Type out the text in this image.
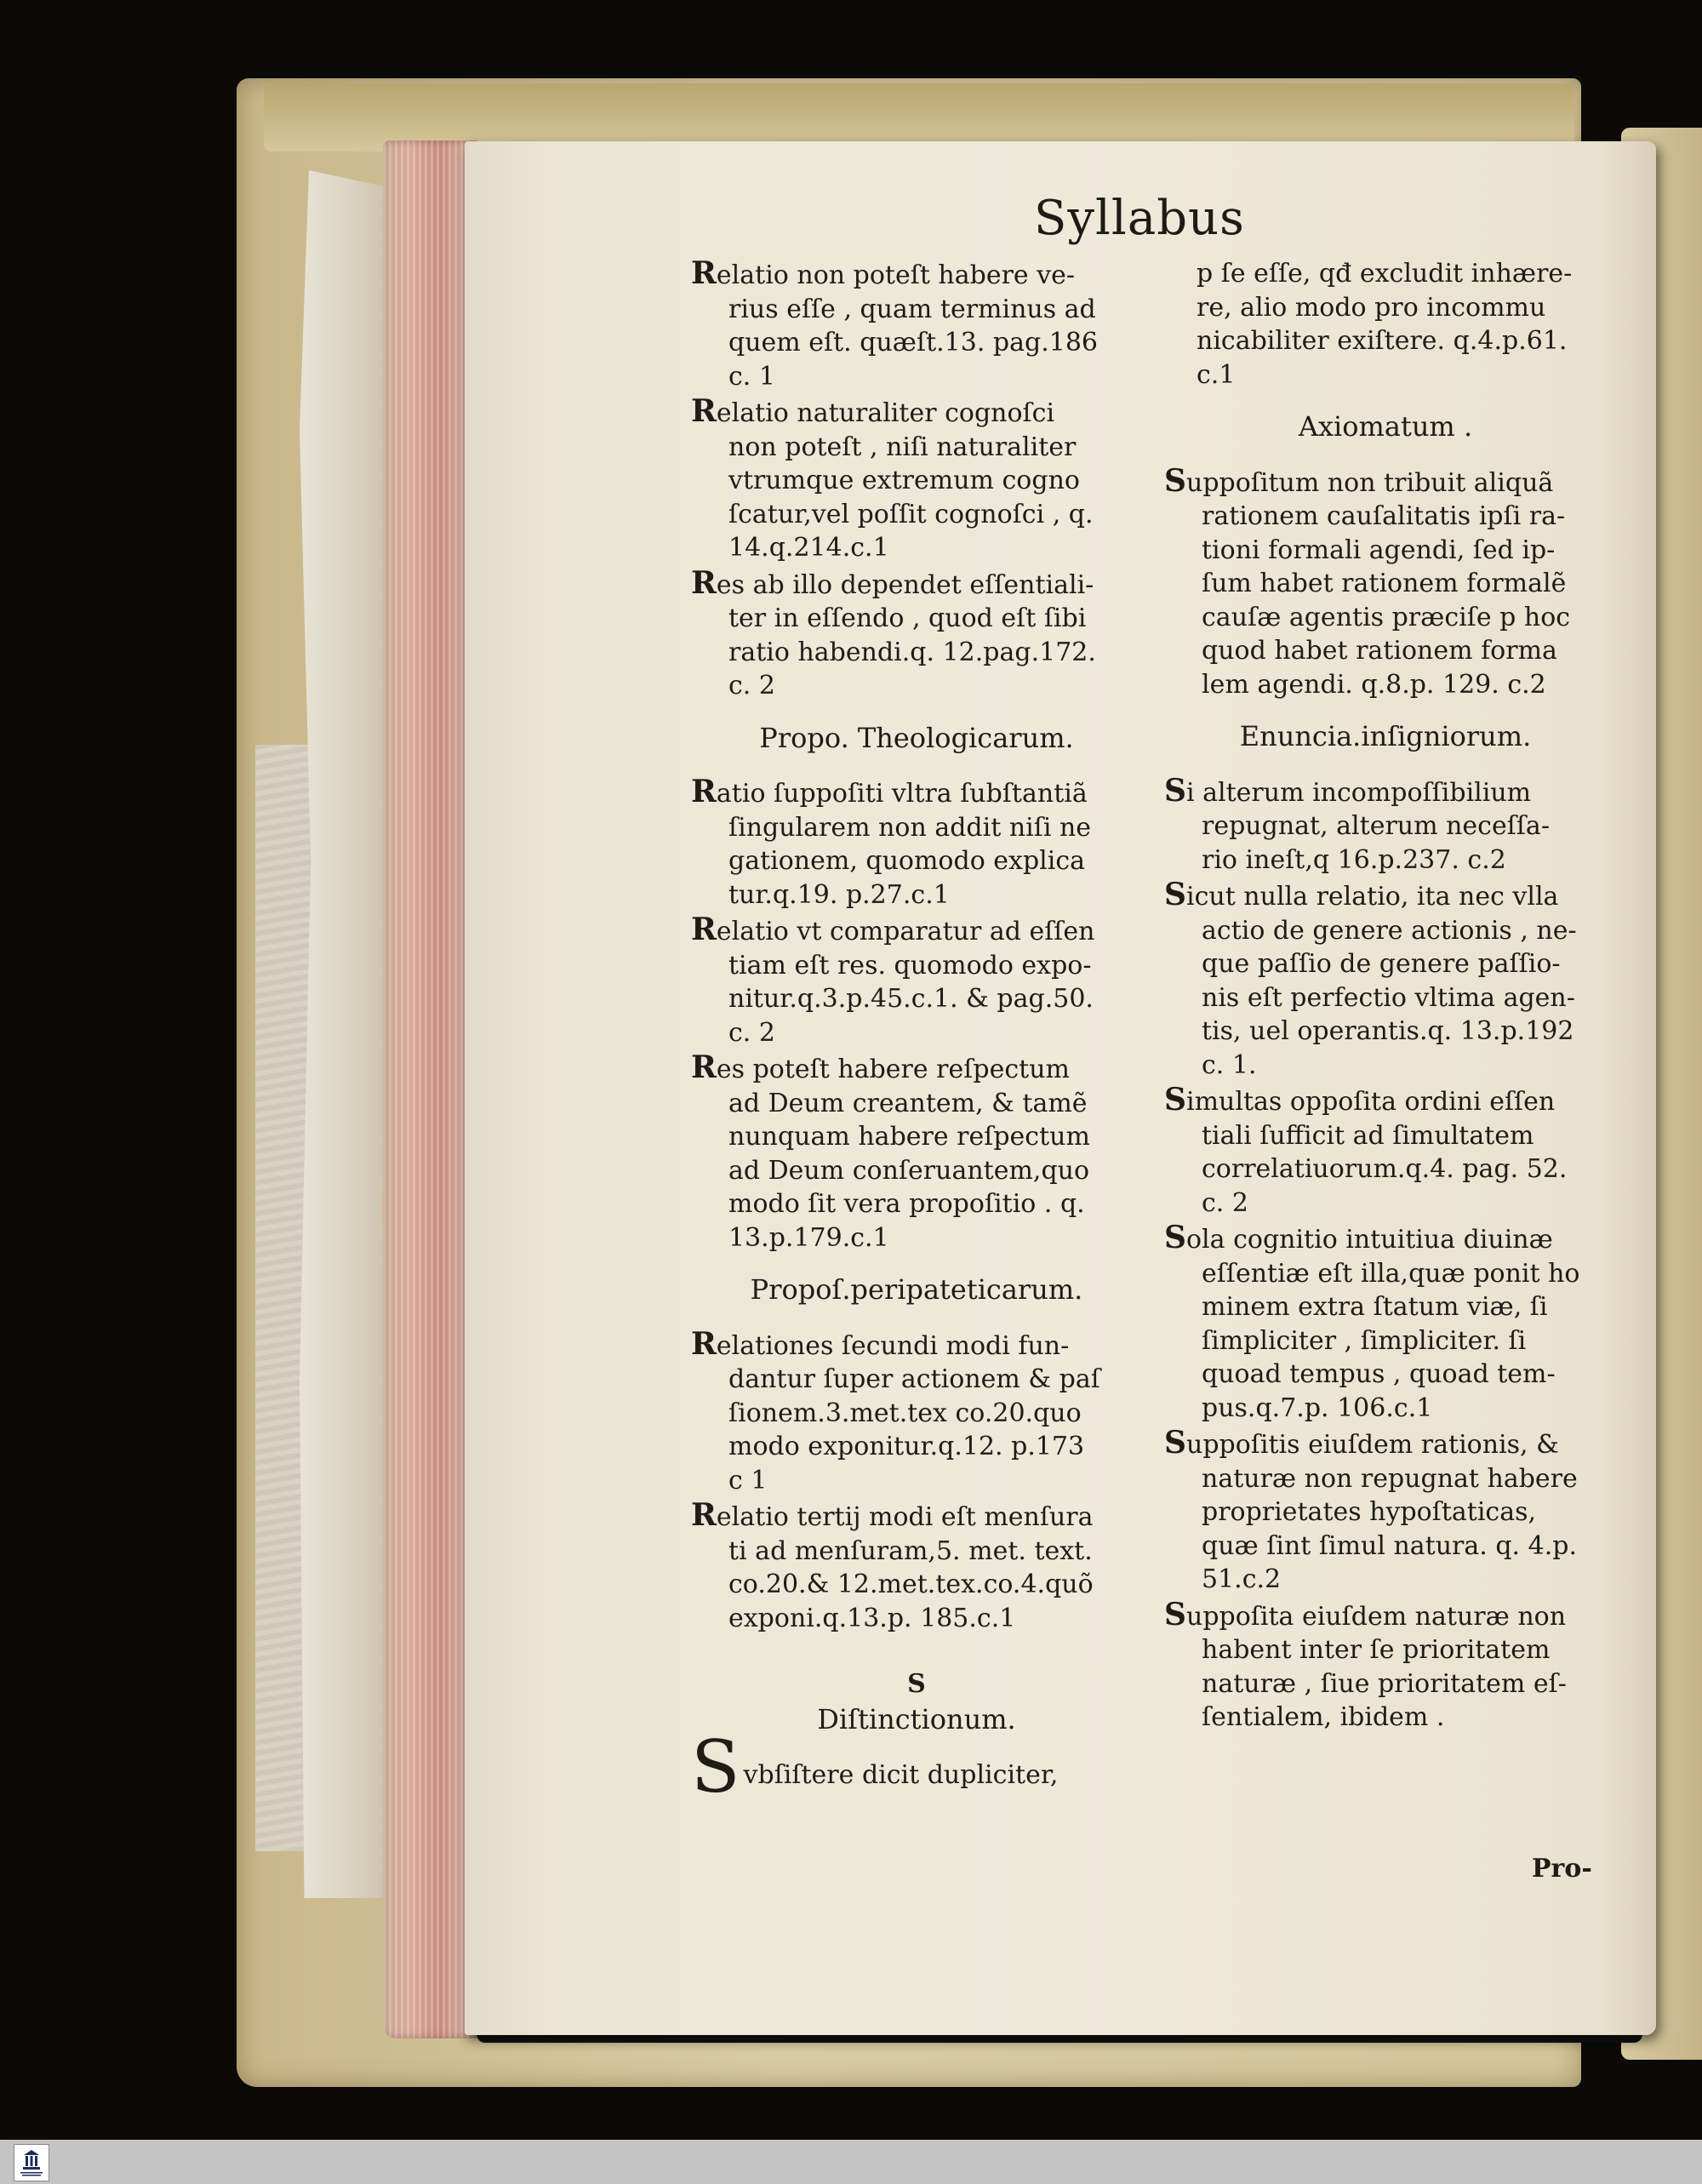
Syllabus
Relatio non poteſt habere ve-
rius eſſe , quam terminus ad
quem eſt. quæſt.13. pag.186
c. 1
Relatio naturaliter cognoſci
non poteſt , niſi naturaliter
vtrumque extremum cogno
ſcatur,vel poſſit cognoſci , q.
14.q.214.c.1
Res ab illo dependet eſſentiali-
ter in eſſendo , quod eſt ſibi
ratio habendi.q. 12.pag.172.
c. 2
Propo. Theologicarum.
Ratio ſuppoſiti vltra ſubſtantiã
ſingularem non addit niſi ne
gationem, quomodo explica
tur.q.19. p.27.c.1
Relatio vt comparatur ad eſſen
tiam eſt res. quomodo expo-
nitur.q.3.p.45.c.1. & pag.50.
c. 2
Res poteſt habere reſpectum
ad Deum creantem, & tamẽ
nunquam habere reſpectum
ad Deum conſeruantem,quo
modo ſit vera propoſitio . q.
13.p.179.c.1
Propoſ.peripateticarum.
Relationes ſecundi modi fun-
dantur ſuper actionem & paſ
ſionem.3.met.tex co.20.quo
modo exponitur.q.12. p.173
c 1
Relatio tertij modi eſt menſura
ti ad menſuram,5. met. text.
co.20.& 12.met.tex.co.4.quõ
exponi.q.13.p. 185.c.1
S
Diſtinctionum.
Svbſiſtere dicit dupliciter,
p ſe eſſe, qđ excludit inhære-
re, alio modo pro incommu
nicabiliter exiſtere. q.4.p.61.
c.1
Axiomatum .
Suppoſitum non tribuit aliquã
rationem cauſalitatis ipſi ra-
tioni formali agendi, ſed ip-
ſum habet rationem formalẽ
cauſæ agentis præciſe p hoc
quod habet rationem forma
lem agendi. q.8.p. 129. c.2
Enuncia.inſigniorum.
Si alterum incompoſſibilium
repugnat, alterum neceſſa-
rio ineſt,q 16.p.237. c.2
Sicut nulla relatio, ita nec vlla
actio de genere actionis , ne-
que paſſio de genere paſſio-
nis eſt perfectio vltima agen-
tis, uel operantis.q. 13.p.192
c. 1.
Simultas oppoſita ordini eſſen
tiali ſufficit ad ſimultatem
correlatiuorum.q.4. pag. 52.
c. 2
Sola cognitio intuitiua diuinæ
eſſentiæ eſt illa,quæ ponit ho
minem extra ſtatum viæ, ſi
ſimpliciter , ſimpliciter. ſi
quoad tempus , quoad tem-
pus.q.7.p. 106.c.1
Suppoſitis eiuſdem rationis, &
naturæ non repugnat habere
proprietates hypoſtaticas,
quæ ſint ſimul natura. q. 4.p.
51.c.2
Suppoſita eiuſdem naturæ non
habent inter ſe prioritatem
naturæ , ſiue prioritatem eſ-
ſentialem, ibidem .
Pro-
